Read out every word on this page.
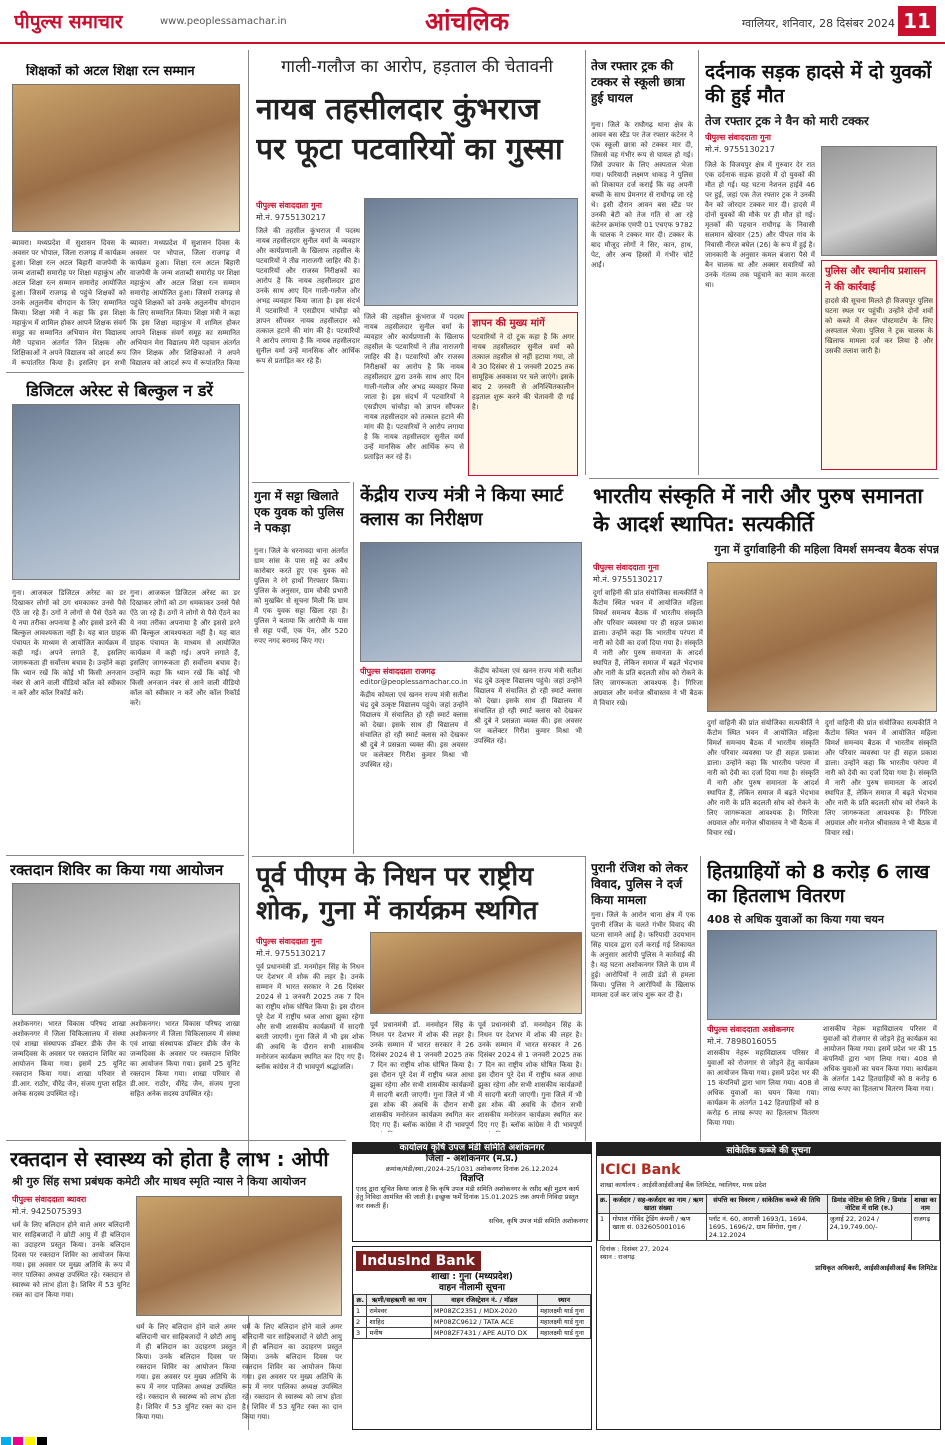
पीपुल्स समाचार	www.peoplessamachar.in	आंचलिक	ग्वालियर, शनिवार, 28 दिसंबर 2024 11
शिक्षकों को अटल शिक्षा रत्न सम्मान
ब्यावरा। मध्यप्रदेश में सुशासन दिवस के अवसर पर भोपाल, जिला राजगढ़ में कार्यक्रम हुआ। शिक्षा रत्न अटल बिहारी वाजपेयी के जन्म शताब्दी समारोह पर शिक्षा महाकुंभ और अटल शिक्षा रत्न सम्मान समारोह आयोजित हुआ। जिसमें राजगढ़ से पहुंचे शिक्षकों को उनके अतुलनीय योगदान के लिए सम्मानित किया। शिक्षा मंत्री ने कहा कि इस शिक्षा महाकुंभ में शामिल होकर आपने शिक्षक संवर्ग समूह का सम्मानित अभियान मेरा विद्यालय मेरी पहचान अंतर्गत जिन शिक्षक और शिक्षिकाओं ने अपने विद्यालय को आदर्श रूप में रूपांतरित किया है। इसलिए इन सभी
ब्यावरा। मध्यप्रदेश में सुशासन दिवस के अवसर पर भोपाल, जिला राजगढ़ में कार्यक्रम हुआ। शिक्षा रत्न अटल बिहारी वाजपेयी के जन्म शताब्दी समारोह पर शिक्षा महाकुंभ और अटल शिक्षा रत्न सम्मान समारोह आयोजित हुआ। जिसमें राजगढ़ से पहुंचे शिक्षकों को उनके अतुलनीय योगदान के लिए सम्मानित किया। शिक्षा मंत्री ने कहा कि इस शिक्षा महाकुंभ में शामिल होकर आपने शिक्षक संवर्ग समूह का सम्मानित अभियान मेरा विद्यालय मेरी पहचान अंतर्गत जिन शिक्षक और शिक्षिकाओं ने अपने विद्यालय को आदर्श रूप में रूपांतरित किया
डिजिटल अरेस्ट से बिल्कुल न डरें
गुना। आजकल डिजिटल अरेस्ट का डर दिखाकर लोगों को ठग धमकाकर उनसे पैसे ऐंठे जा रहे हैं। ठगों ने लोगों से पैसे ऐंठने का ये नया तरीका अपनाया है और इससे डरने की बिल्कुल आवश्यकता नहीं है। यह बात ग्राहक पंचायत के माध्यम से आयोजित कार्यक्रम में कही गई। अपने लगाते हैं, इसलिए जागरूकता ही सर्वोत्तम बचाव है। उन्होंने कहा कि ध्यान रखें कि कोई भी किसी अनजान नंबर से आने वाली वीडियो कॉल को स्वीकार न करें और कॉल रिकॉर्ड करें।
गुना। आजकल डिजिटल अरेस्ट का डर दिखाकर लोगों को ठग धमकाकर उनसे पैसे ऐंठे जा रहे हैं। ठगों ने लोगों से पैसे ऐंठने का ये नया तरीका अपनाया है और इससे डरने की बिल्कुल आवश्यकता नहीं है। यह बात ग्राहक पंचायत के माध्यम से आयोजित कार्यक्रम में कही गई। अपने लगाते हैं, इसलिए जागरूकता ही सर्वोत्तम बचाव है। उन्होंने कहा कि ध्यान रखें कि कोई भी किसी अनजान नंबर से आने वाली वीडियो कॉल को स्वीकार न करें और कॉल रिकॉर्ड करें।
रक्तदान शिविर का किया गया आयोजन
अशोकनगर। भारत विकास परिषद शाखा अशोकनगर में जिला चिकित्सालय में संस्था एवं शाखा संस्थापक डॉक्टर डीके जैन के जन्मदिवस के अवसर पर रक्तदान शिविर का आयोजन किया गया। इसमें 25 यूनिट रक्तदान किया गया। शाखा परिवार से डी.आर. राठौर, वीरेंद्र जैन, संजय गुप्ता सहित अनेक सदस्य उपस्थित रहे।
अशोकनगर। भारत विकास परिषद शाखा अशोकनगर में जिला चिकित्सालय में संस्था एवं शाखा संस्थापक डॉक्टर डीके जैन के जन्मदिवस के अवसर पर रक्तदान शिविर का आयोजन किया गया। इसमें 25 यूनिट रक्तदान किया गया। शाखा परिवार से डी.आर. राठौर, वीरेंद्र जैन, संजय गुप्ता सहित अनेक सदस्य उपस्थित रहे।
रक्तदान से स्वास्थ्य को होता है लाभ : ओपी
श्री गुरु सिंह सभा प्रबंधक कमेटी और माधव स्मृति न्यास ने किया आयोजन
पीपुल्स संवाददाता ब्यावरा
मो.नं. 9425075393
धर्म के लिए बलिदान होने वाले अमर बलिदानी चार साहिबजादों ने छोटी आयु में ही बलिदान का उदाहरण प्रस्तुत किया। उनके बलिदान दिवस पर रक्तदान शिविर का आयोजन किया गया। इस अवसर पर मुख्य अतिथि के रूप में नगर पालिका अध्यक्ष उपस्थित रहे। रक्तदान से स्वास्थ्य को लाभ होता है। शिविर में 53 यूनिट रक्त का दान किया गया।
धर्म के लिए बलिदान होने वाले अमर बलिदानी चार साहिबजादों ने छोटी आयु में ही बलिदान का उदाहरण प्रस्तुत किया। उनके बलिदान दिवस पर रक्तदान शिविर का आयोजन किया गया। इस अवसर पर मुख्य अतिथि के रूप में नगर पालिका अध्यक्ष उपस्थित रहे। रक्तदान से स्वास्थ्य को लाभ होता है। शिविर में 53 यूनिट रक्त का दान किया गया।
धर्म के लिए बलिदान होने वाले अमर बलिदानी चार साहिबजादों ने छोटी आयु में ही बलिदान का उदाहरण प्रस्तुत किया। उनके बलिदान दिवस पर रक्तदान शिविर का आयोजन किया गया। इस अवसर पर मुख्य अतिथि के रूप में नगर पालिका अध्यक्ष उपस्थित रहे। रक्तदान से स्वास्थ्य को लाभ होता है। शिविर में 53 यूनिट रक्त का दान किया गया।
गाली-गलौज का आरोप, हड़ताल की चेतावनी
नायब तहसीलदार कुंभराज पर फूटा पटवारियों का गुस्सा
पीपुल्स संवाददाता गुना
मो.नं. 9755130217
जिले की तहसील कुंभराज में पदस्थ नायब तहसीलदार सुनील वर्मा के व्यवहार और कार्यप्रणाली के खिलाफ तहसील के पटवारियों ने तीव्र नाराजगी जाहिर की है। पटवारियों और राजस्व निरीक्षकों का आरोप है कि नायब तहसीलदार द्वारा उनके साथ आए दिन गाली-गलौज और अभद्र व्यवहार किया जाता है। इस संदर्भ में पटवारियों ने एसडीएम चांचौड़ा को ज्ञापन सौंपकर नायब तहसीलदार को तत्काल हटाने की मांग की है। पटवारियों ने आरोप लगाया है कि नायब तहसीलदार सुनील वर्मा उन्हें मानसिक और आर्थिक रूप से प्रताड़ित कर रहे हैं।
जिले की तहसील कुंभराज में पदस्थ नायब तहसीलदार सुनील वर्मा के व्यवहार और कार्यप्रणाली के खिलाफ तहसील के पटवारियों ने तीव्र नाराजगी जाहिर की है। पटवारियों और राजस्व निरीक्षकों का आरोप है कि नायब तहसीलदार द्वारा उनके साथ आए दिन गाली-गलौज और अभद्र व्यवहार किया जाता है। इस संदर्भ में पटवारियों ने एसडीएम चांचौड़ा को ज्ञापन सौंपकर नायब तहसीलदार को तत्काल हटाने की मांग की है। पटवारियों ने आरोप लगाया है कि नायब तहसीलदार सुनील वर्मा उन्हें मानसिक और आर्थिक रूप से प्रताड़ित कर रहे हैं।
ज्ञापन की मुख्य मांगें
पटवारियों ने दो टूक कहा है कि अगर नायब तहसीलदार सुनील वर्मा को तत्काल तहसील से नहीं हटाया गया, तो वे 30 दिसंबर से 1 जनवरी 2025 तक सामूहिक अवकाश पर चले जाएंगे। इसके बाद 2 जनवरी से अनिश्चितकालीन हड़ताल शुरू करने की चेतावनी दी गई है।
गुना में सट्टा खिलाते एक युवक को पुलिस ने पकड़ा
गुना। जिले के धरनावदा थाना अंतर्गत ग्राम सांस के पास सट्टे का अवैध कारोबार करते हुए एक युवक को पुलिस ने रंगे हाथों गिरफ्तार किया। पुलिस के अनुसार, ग्राम चौकी प्रभारी को मुखबिर से सूचना मिली कि ग्राम में एक युवक सट्टा खिला रहा है। पुलिस ने बताया कि आरोपी के पास से सट्टा पर्ची, एक पेन, और 520 रुपए नगद बरामद किए गए।
केंद्रीय राज्य मंत्री ने किया स्मार्ट क्लास का निरीक्षण
पीपुल्स संवाददाता राजगढ़
editor@peoplessamachar.co.in
केंद्रीय कोयला एवं खनन राज्य मंत्री सतीश चंद्र दुबे उत्कृष्ट विद्यालय पहुंचे। जहां उन्होंने विद्यालय में संचालित हो रही स्मार्ट क्लास को देखा। इसके साथ ही विद्यालय में संचालित हो रही स्मार्ट क्लास को देखकर श्री दुबे ने प्रसन्नता व्यक्त की। इस अवसर पर कलेक्टर गिरीश कुमार मिश्रा भी उपस्थित रहे।
केंद्रीय कोयला एवं खनन राज्य मंत्री सतीश चंद्र दुबे उत्कृष्ट विद्यालय पहुंचे। जहां उन्होंने विद्यालय में संचालित हो रही स्मार्ट क्लास को देखा। इसके साथ ही विद्यालय में संचालित हो रही स्मार्ट क्लास को देखकर श्री दुबे ने प्रसन्नता व्यक्त की। इस अवसर पर कलेक्टर गिरीश कुमार मिश्रा भी उपस्थित रहे।
तेज रफ्तार ट्रक की टक्कर से स्कूली छात्रा हुई घायल
गुना। जिले के राघौगढ़ थाना क्षेत्र के आवन बस स्टैंड पर तेज रफ्तार कंटेनर ने एक स्कूली छात्रा को टक्कर मार दी, जिससे वह गंभीर रूप से घायल हो गई। जिसे उपचार के लिए अस्पताल भेजा गया। फरियादी लक्ष्मण धाकड़ ने पुलिस को शिकायत दर्ज कराई कि वह अपनी बच्ची के साथ प्रेमनगर से राघौगढ़ जा रहे थे। इसी दौरान आवन बस स्टैंड पर उनकी बेटी को तेज गति से आ रहे कंटेनर क्रमांक एमपी 01 एचएफ 9782 के चालक ने टक्कर मार दी। टक्कर के बाद मौजूद लोगों ने सिर, कान, हाथ, पेट, और अन्य हिस्सों में गंभीर चोटें आईं।
दर्दनाक सड़क हादसे में दो युवकों की हुई मौत
तेज रफ्तार ट्रक ने वैन को मारी टक्कर
पीपुल्स संवाददाता गुना
मो.नं. 9755130217
जिले के विजयपुर क्षेत्र में गुरुवार देर रात एक दर्दनाक सड़क हादसे में दो युवकों की मौत हो गई। यह घटना नेशनल हाईवे 46 पर हुई, जहां एक तेज रफ्तार ट्रक ने उनकी वैन को जोरदार टक्कर मार दी। हादसे में दोनों युवकों की मौके पर ही मौत हो गई। मृतकों की पहचान राघौगढ़ के निवासी सलमान खेरवार (25) और पीपल गांव के निवासी नीरज बघेल (26) के रूप में हुई है। जानकारी के अनुसार कमल बंजारा पैसे में बैन चालक था और अक्सर सवारियों को उनके गंतव्य तक पहुंचाने का काम करता था।
पुलिस और स्थानीय प्रशासन ने की कार्रवाई
हादसे की सूचना मिलते ही विजयपुर पुलिस घटना स्थल पर पहुंची। उन्होंने दोनों शवों को कब्जे में लेकर पोस्टमार्टम के लिए अस्पताल भेजा। पुलिस ने ट्रक चालक के खिलाफ मामला दर्ज कर लिया है और उसकी तलाश जारी है।
भारतीय संस्कृति में नारी और पुरुष समानता के आदर्श स्थापित: सत्यकीर्ति
गुना में दुर्गावाहिनी की महिला विमर्श समन्वय बैठक संपन्न
पीपुल्स संवाददाता गुना
मो.नं. 9755130217
दुर्गा वाहिनी की प्रांत संयोजिका सत्यकीर्ति ने कैंटोम स्थित भवन में आयोजित महिला विमर्श समन्वय बैठक में भारतीय संस्कृति और परिवार व्यवस्था पर ही सहज प्रकाश डाला। उन्होंने कहा कि भारतीय परंपरा में नारी को देवी का दर्जा दिया गया है। संस्कृति में नारी और पुरुष समानता के आदर्श स्थापित हैं, लेकिन समाज में बढ़ते भेदभाव और नारी के प्रति बदलती सोच को रोकने के लिए जागरूकता आवश्यक है। गिरिजा अग्रवाल और मनोज श्रीवास्तव ने भी बैठक में विचार रखे।
दुर्गा वाहिनी की प्रांत संयोजिका सत्यकीर्ति ने कैंटोम स्थित भवन में आयोजित महिला विमर्श समन्वय बैठक में भारतीय संस्कृति और परिवार व्यवस्था पर ही सहज प्रकाश डाला। उन्होंने कहा कि भारतीय परंपरा में नारी को देवी का दर्जा दिया गया है। संस्कृति में नारी और पुरुष समानता के आदर्श स्थापित हैं, लेकिन समाज में बढ़ते भेदभाव और नारी के प्रति बदलती सोच को रोकने के लिए जागरूकता आवश्यक है। गिरिजा अग्रवाल और मनोज श्रीवास्तव ने भी बैठक में विचार रखे।
दुर्गा वाहिनी की प्रांत संयोजिका सत्यकीर्ति ने कैंटोम स्थित भवन में आयोजित महिला विमर्श समन्वय बैठक में भारतीय संस्कृति और परिवार व्यवस्था पर ही सहज प्रकाश डाला। उन्होंने कहा कि भारतीय परंपरा में नारी को देवी का दर्जा दिया गया है। संस्कृति में नारी और पुरुष समानता के आदर्श स्थापित हैं, लेकिन समाज में बढ़ते भेदभाव और नारी के प्रति बदलती सोच को रोकने के लिए जागरूकता आवश्यक है। गिरिजा अग्रवाल और मनोज श्रीवास्तव ने भी बैठक में विचार रखे।
पूर्व पीएम के निधन पर राष्ट्रीय शोक, गुना में कार्यक्रम स्थगित
पीपुल्स संवाददाता गुना
मो.नं. 9755130217
पूर्व प्रधानमंत्री डॉ. मनमोहन सिंह के निधन पर देशभर में शोक की लहर है। उनके सम्मान में भारत सरकार ने 26 दिसंबर 2024 से 1 जनवरी 2025 तक 7 दिन का राष्ट्रीय शोक घोषित किया है। इस दौरान पूरे देश में राष्ट्रीय ध्वज आधा झुका रहेगा और सभी शासकीय कार्यक्रमों में सादगी बरती जाएगी। गुना जिले में भी इस शोक की अवधि के दौरान सभी शासकीय मनोरंजन कार्यक्रम स्थगित कर दिए गए हैं। ब्लॉक कांग्रेस ने दी भावपूर्ण श्रद्धांजलि।
पूर्व प्रधानमंत्री डॉ. मनमोहन सिंह के निधन पर देशभर में शोक की लहर है। उनके सम्मान में भारत सरकार ने 26 दिसंबर 2024 से 1 जनवरी 2025 तक 7 दिन का राष्ट्रीय शोक घोषित किया है। इस दौरान पूरे देश में राष्ट्रीय ध्वज आधा झुका रहेगा और सभी शासकीय कार्यक्रमों में सादगी बरती जाएगी। गुना जिले में भी इस शोक की अवधि के दौरान सभी शासकीय मनोरंजन कार्यक्रम स्थगित कर दिए गए हैं। ब्लॉक कांग्रेस ने दी भावपूर्ण
पूर्व प्रधानमंत्री डॉ. मनमोहन सिंह के निधन पर देशभर में शोक की लहर है। उनके सम्मान में भारत सरकार ने 26 दिसंबर 2024 से 1 जनवरी 2025 तक 7 दिन का राष्ट्रीय शोक घोषित किया है। इस दौरान पूरे देश में राष्ट्रीय ध्वज आधा झुका रहेगा और सभी शासकीय कार्यक्रमों में सादगी बरती जाएगी। गुना जिले में भी इस शोक की अवधि के दौरान सभी शासकीय मनोरंजन कार्यक्रम स्थगित कर दिए गए हैं। ब्लॉक कांग्रेस ने दी भावपूर्ण
पुरानी रंजिश को लेकर विवाद, पुलिस ने दर्ज किया मामला
गुना। जिले के आरोन थाना क्षेत्र में एक पुरानी रंजिश के चलते गंभीर विवाद की घटना सामने आई है। फरियादी उदयभान सिंह यादव द्वारा दर्ज कराई गई शिकायत के अनुसार आरोपी पुलिस ने कार्रवाई की है। यह घटना अशोकनगर जिले के ग्राम में हुई। आरोपियों ने लाठी डंडों से हमला किया। पुलिस ने आरोपियों के खिलाफ मामला दर्ज कर जांच शुरू कर दी है।
हितग्राहियों को 8 करोड़ 6 लाख का हितलाभ वितरण
408 से अधिक युवाओं का किया गया चयन
पीपुल्स संवाददाता अशोकनगर
मो.नं. 7898016055
शासकीय नेहरू महाविद्यालय परिसर में युवाओं को रोजगार से जोड़ने हेतु कार्यक्रम का आयोजन किया गया। इसमें प्रदेश भर की 15 कंपनियों द्वारा भाग लिया गया। 408 से अधिक युवाओं का चयन किया गया। कार्यक्रम के अंतर्गत 142 हितग्राहियों को 8 करोड़ 6 लाख रूपए का हितलाभ वितरण किया गया।
शासकीय नेहरू महाविद्यालय परिसर में युवाओं को रोजगार से जोड़ने हेतु कार्यक्रम का आयोजन किया गया। इसमें प्रदेश भर की 15 कंपनियों द्वारा भाग लिया गया। 408 से अधिक युवाओं का चयन किया गया। कार्यक्रम के अंतर्गत 142 हितग्राहियों को 8 करोड़ 6 लाख रूपए का हितलाभ वितरण किया गया।
कार्यालय कृषि उपज मंडी समिति अशोकनगर
जिला - अशोकनगर (म.प्र.)
क्रमांक/मंडी/स्था./2024-25/1031 अशोकनगर दिनांक 26.12.2024
विज्ञप्ति
एतद् द्वारा सूचित किया जाता है कि कृषि उपज मंडी समिति अशोकनगर के रसीद बही मुद्रण कार्य हेतु निविदा आमंत्रित की जाती है। इच्छुक फर्में दिनांक 15.01.2025 तक अपनी निविदा प्रस्तुत कर सकती हैं।
सचिव, कृषि उपज मंडी समिति अशोकनगर
IndusInd Bank
शाखा : गुना (मध्यप्रदेश)
वाहन नीलामी सूचना
क्र.	ऋणी/सहऋणी का नाम	वाहन रजिस्ट्रेशन नं. / मॉडल	स्थान
1	रामेश्वर	MP08ZC2351 / MDX-2020	महालक्ष्मी यार्ड गुना
2	शाहिद	MP08ZC9612 / TATA ACE	महालक्ष्मी यार्ड गुना
3	मनीष	MP08ZF7431 / APE AUTO DX	महालक्ष्मी यार्ड गुना
सांकेतिक कब्जे की सूचना
ICICI Bank
शाखा कार्यालय : आईसीआईसीआई बैंक लिमिटेड, ग्वालियर, मध्य प्रदेश
क्र.	कर्जदार / सह-कर्जदार का नाम / ऋण खाता संख्या	संपत्ति का विवरण / सांकेतिक कब्जे की तिथि	डिमांड नोटिस की तिथि / डिमांड नोटिस में राशि (रु.)	शाखा का नाम
1	गोपाल गोविंद ट्रेडिंग कंपनी / ऋण खाता सं. 032605001016	प्लॉट नं. 60, आराजी 1693/1, 1694, 1695, 1696/2, ग्राम सिंगोरा, गुना / 24.12.2024	जुलाई 22, 2024 / 24,19,749.00/-	राजगढ़
दिनांक : दिसंबर 27, 2024
स्थान : राजगढ़
प्राधिकृत अधिकारी, आईसीआईसीआई बैंक लिमिटेड
